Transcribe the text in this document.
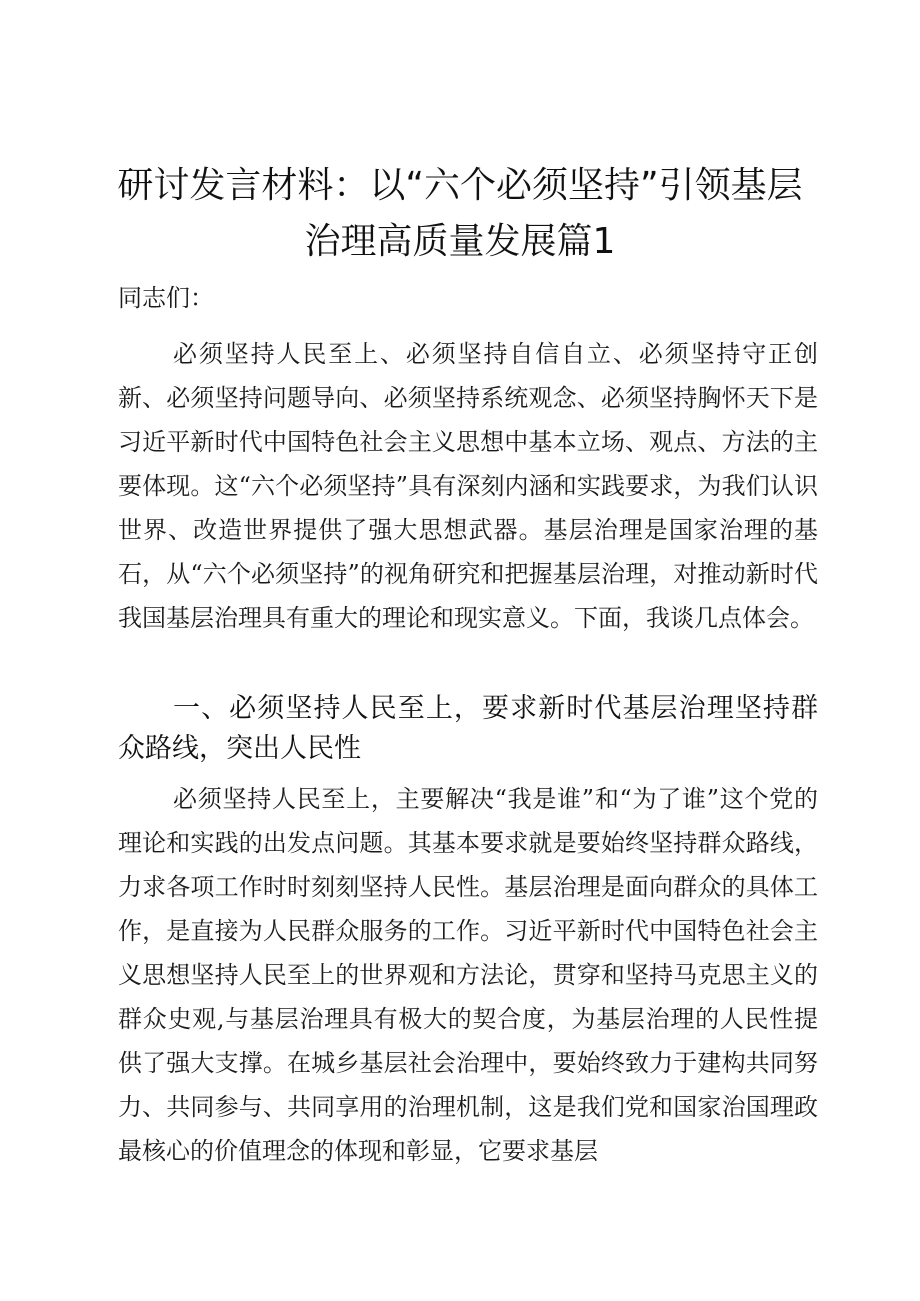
研讨发言材料：以“六个必须坚持”引领基层
治理高质量发展篇1

同志们：

必须坚持人民至上、必须坚持自信自立、必须坚持守正创新、必须坚持问题导向、必须坚持系统观念、必须坚持胸怀天下是习近平新时代中国特色社会主义思想中基本立场、观点、方法的主要体现。这“六个必须坚持”具有深刻内涵和实践要求，为我们认识世界、改造世界提供了强大思想武器。基层治理是国家治理的基石，从“六个必须坚持”的视角研究和把握基层治理，对推动新时代我国基层治理具有重大的理论和现实意义。下面，我谈几点体会。

一、必须坚持人民至上，要求新时代基层治理坚持群众路线，突出人民性

必须坚持人民至上，主要解决“我是谁”和“为了谁”这个党的理论和实践的出发点问题。其基本要求就是要始终坚持群众路线，力求各项工作时时刻刻坚持人民性。基层治理是面向群众的具体工作，是直接为人民群众服务的工作。习近平新时代中国特色社会主义思想坚持人民至上的世界观和方法论，贯穿和坚持马克思主义的群众史观,与基层治理具有极大的契合度，为基层治理的人民性提供了强大支撑。在城乡基层社会治理中，要始终致力于建构共同努力、共同参与、共同享用的治理机制，这是我们党和国家治国理政最核心的价值理念的体现和彰显，它要求基层
